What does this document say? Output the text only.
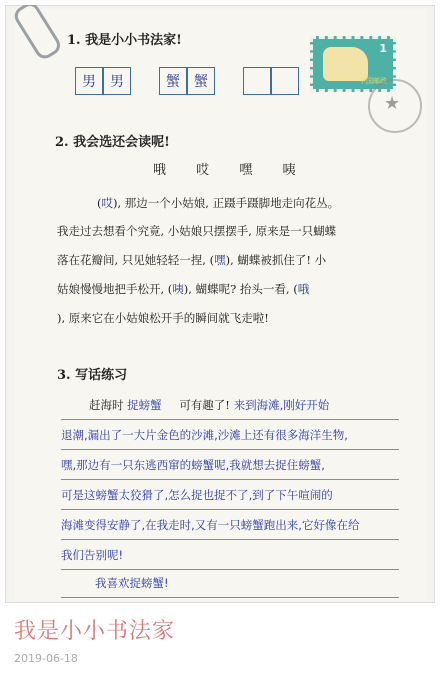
1. 我是小小书法家!
男	男	蟹	蟹
1
中国邮政
★
2. 我会选还会读呢!
哦 哎 嘿 咦
(哎), 那边一个小姑娘, 正蹑手蹑脚地走向花丛。
我走过去想看个究竟, 小姑娘只摆摆手, 原来是一只蝴蝶
落在花瓣间, 只见她轻轻一捏, (嘿), 蝴蝶被抓住了! 小
姑娘慢慢地把手松开, (咦), 蝴蝶呢? 抬头一看, (哦
), 原来它在小姑娘松开手的瞬间就飞走啦!
3. 写话练习
赶海时 捉螃蟹 可有趣了! 来到海滩,刚好开始
退潮,漏出了一大片金色的沙滩,沙滩上还有很多海洋生物,
嘿,那边有一只东逃西窜的螃蟹呢,我就想去捉住螃蟹,
可是这螃蟹太狡猾了,怎么捉也捉不了,到了下午喧闹的
海滩变得安静了,在我走时,又有一只螃蟹跑出来,它好像在给
我们告别呢!
我喜欢捉螃蟹!
我是小小书法家
2019-06-18
